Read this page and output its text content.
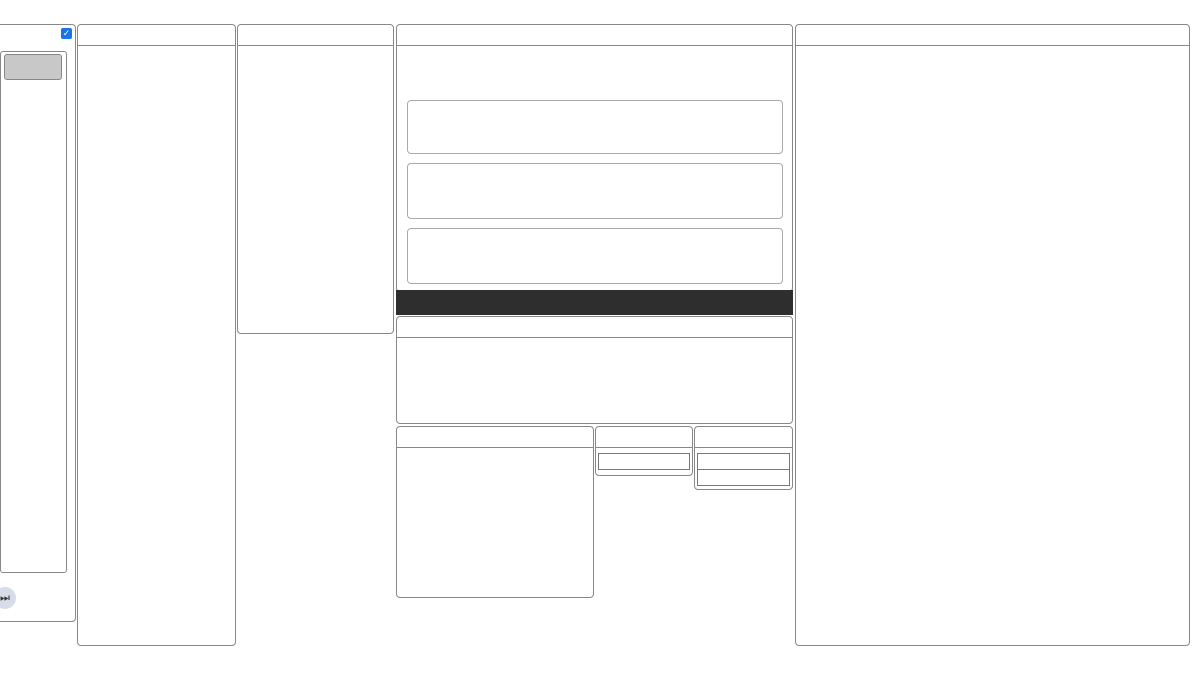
✓
⏭
